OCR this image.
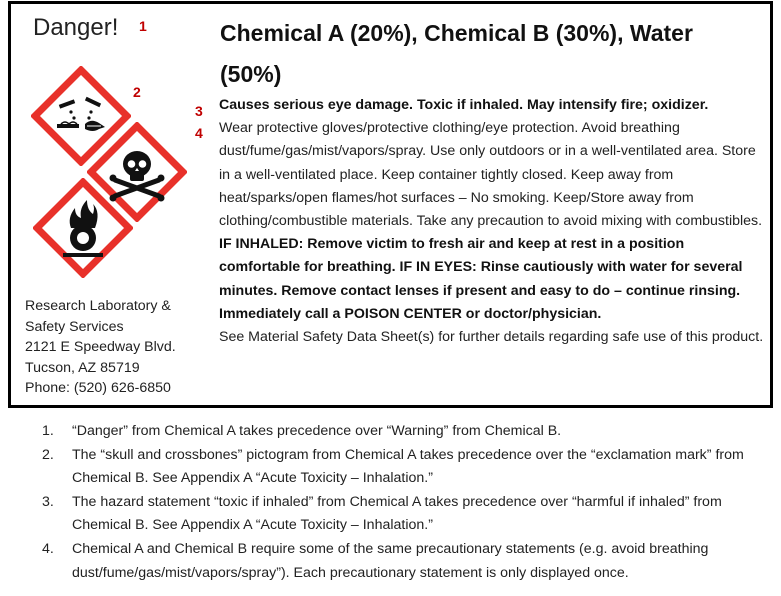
Danger! 1
2
3
4
Chemical A (20%), Chemical B (30%), Water (50%)

Causes serious eye damage. Toxic if inhaled. May intensify fire; oxidizer.

Wear protective gloves/protective clothing/eye protection. Avoid breathing dust/fume/gas/mist/vapors/spray. Use only outdoors or in a well-ventilated area. Store in a well-ventilated place. Keep container tightly closed. Keep away from heat/sparks/open flames/hot surfaces – No smoking. Keep/Store away from clothing/combustible materials. Take any precaution to avoid mixing with combustibles.

IF INHALED: Remove victim to fresh air and keep at rest in a position comfortable for breathing. IF IN EYES: Rinse cautiously with water for several minutes. Remove contact lenses if present and easy to do – continue rinsing. Immediately call a POISON CENTER or doctor/physician.

See Material Safety Data Sheet(s) for further details regarding safe use of this product.

Research Laboratory &
Safety Services
2121 E Speedway Blvd.
Tucson, AZ 85719
Phone: (520) 626-6850
1. “Danger” from Chemical A takes precedence over “Warning” from Chemical B.
2. The “skull and crossbones” pictogram from Chemical A takes precedence over the “exclamation mark” from Chemical B. See Appendix A “Acute Toxicity – Inhalation.”
3. The hazard statement “toxic if inhaled” from Chemical A takes precedence over “harmful if inhaled” from Chemical B. See Appendix A “Acute Toxicity – Inhalation.”
4. Chemical A and Chemical B require some of the same precautionary statements (e.g. avoid breathing dust/fume/gas/mist/vapors/spray”). Each precautionary statement is only displayed once.
